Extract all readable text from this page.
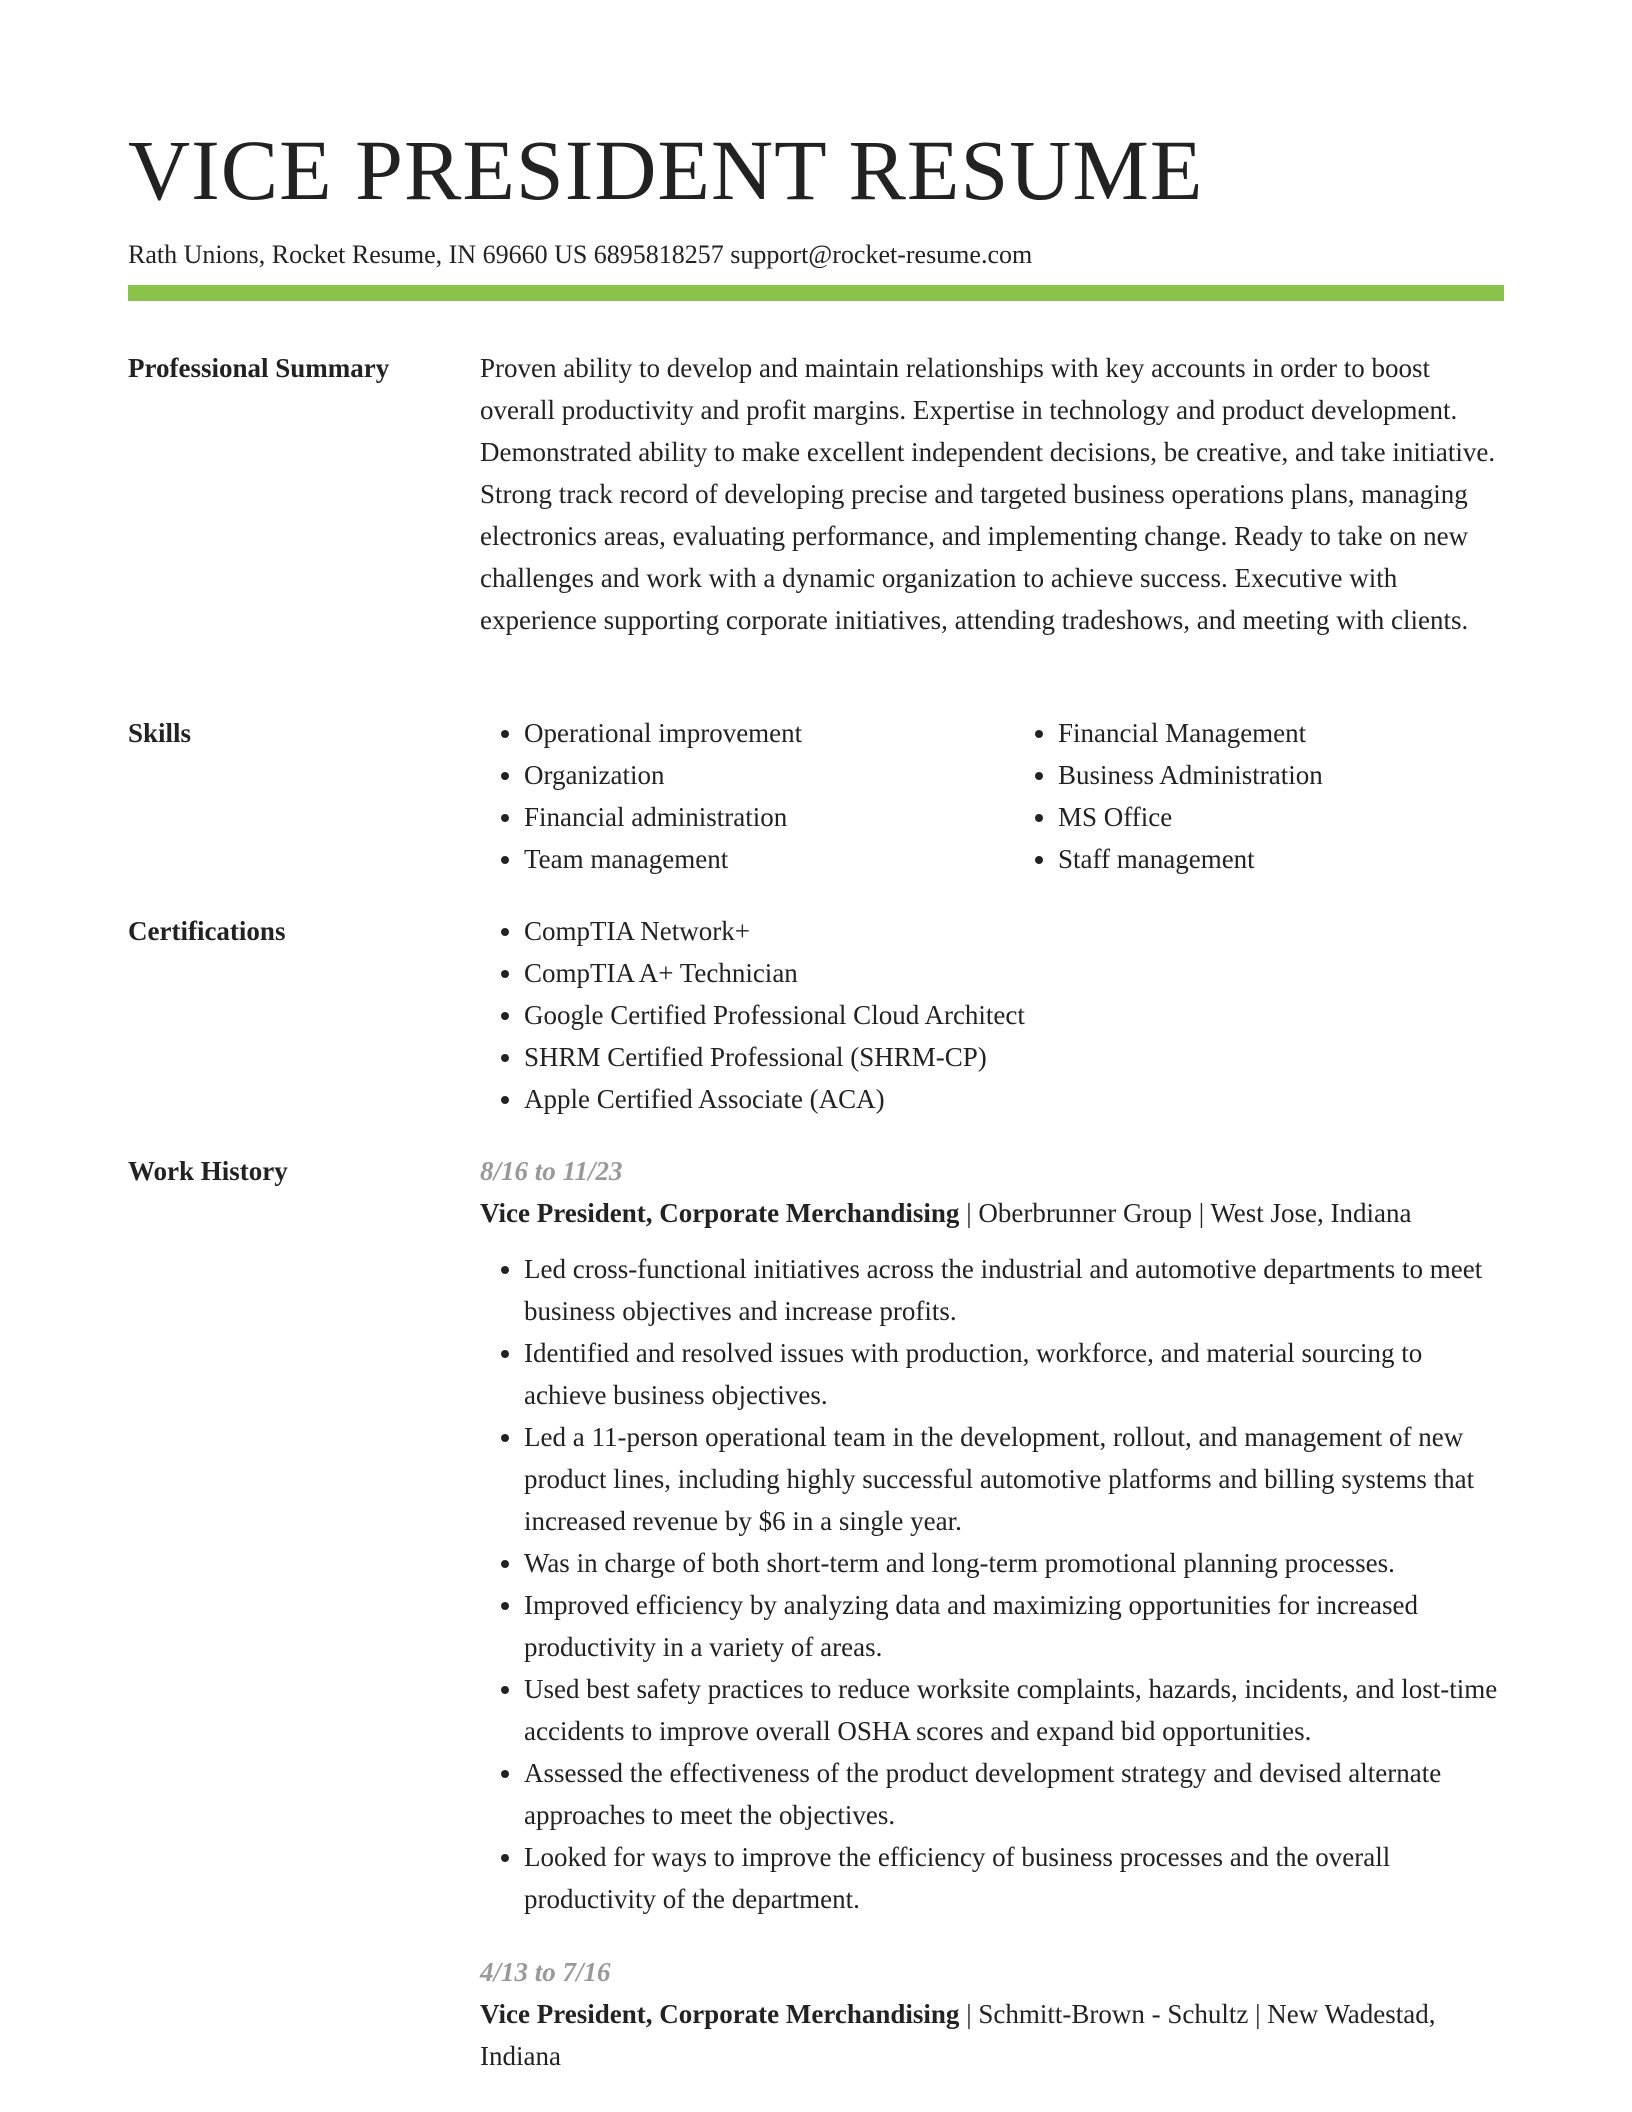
VICE PRESIDENT RESUME
Rath Unions, Rocket Resume, IN 69660 US 6895818257 support@rocket-resume.com
Professional Summary	Proven ability to develop and maintain relationships with key accounts in order to boost overall productivity and profit margins. Expertise in technology and product development. Demonstrated ability to make excellent independent decisions, be creative, and take initiative. Strong track record of developing precise and targeted business operations plans, managing electronics areas, evaluating performance, and implementing change. Ready to take on new challenges and work with a dynamic organization to achieve success. Executive with experience supporting corporate initiatives, attending tradeshows, and meeting with clients.

Skills	• Operational improvement
• Organization
• Financial administration
• Team management
• Financial Management
• Business Administration
• MS Office
• Staff management
Certifications	• CompTIA Network+
• CompTIA A+ Technician
• Google Certified Professional Cloud Architect
• SHRM Certified Professional (SHRM-CP)
• Apple Certified Associate (ACA)
Work History	8/16 to 11/23
Vice President, Corporate Merchandising | Oberbrunner Group | West Jose, Indiana
• Led cross-functional initiatives across the industrial and automotive departments to meet business objectives and increase profits.
• Identified and resolved issues with production, workforce, and material sourcing to achieve business objectives.
• Led a 11-person operational team in the development, rollout, and management of new product lines, including highly successful automotive platforms and billing systems that increased revenue by $6 in a single year.
• Was in charge of both short-term and long-term promotional planning processes.
• Improved efficiency by analyzing data and maximizing opportunities for increased productivity in a variety of areas.
• Used best safety practices to reduce worksite complaints, hazards, incidents, and lost-time accidents to improve overall OSHA scores and expand bid opportunities.
• Assessed the effectiveness of the product development strategy and devised alternate approaches to meet the objectives.
• Looked for ways to improve the efficiency of business processes and the overall productivity of the department.
4/13 to 7/16
Vice President, Corporate Merchandising | Schmitt-Brown - Schultz | New Wadestad, Indiana
